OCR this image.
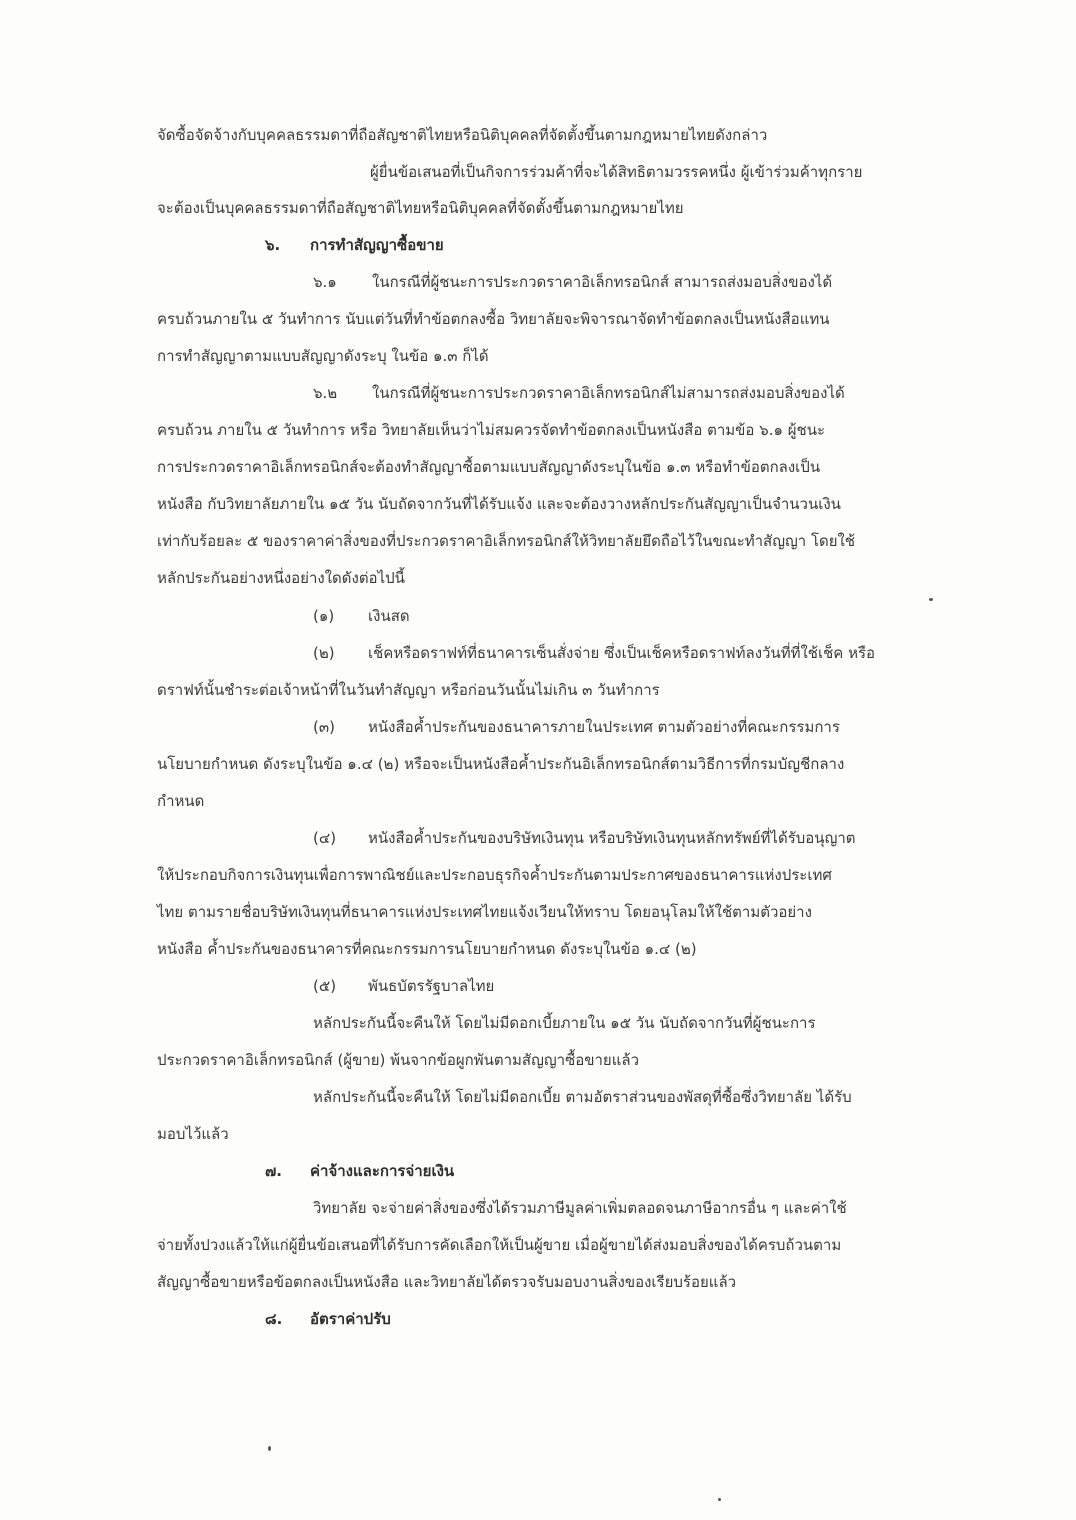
จัดซื้อจัดจ้างกับบุคคลธรรมดาที่ถือสัญชาติไทยหรือนิติบุคคลที่จัดตั้งขึ้นตามกฎหมายไทยดังกล่าว
ผู้ยื่นข้อเสนอที่เป็นกิจการร่วมค้าที่จะได้สิทธิตามวรรคหนึ่ง ผู้เข้าร่วมค้าทุกราย
จะต้องเป็นบุคคลธรรมดาที่ถือสัญชาติไทยหรือนิติบุคคลที่จัดตั้งขึ้นตามกฎหมายไทย
๖. การทำสัญญาซื้อขาย
๖.๑ ในกรณีที่ผู้ชนะการประกวดราคาอิเล็กทรอนิกส์ สามารถส่งมอบสิ่งของได้
ครบถ้วนภายใน ๕ วันทำการ นับแต่วันที่ทำข้อตกลงซื้อ วิทยาลัยจะพิจารณาจัดทำข้อตกลงเป็นหนังสือแทน
การทำสัญญาตามแบบสัญญาดังระบุ ในข้อ ๑.๓ ก็ได้
๖.๒ ในกรณีที่ผู้ชนะการประกวดราคาอิเล็กทรอนิกส์ไม่สามารถส่งมอบสิ่งของได้
ครบถ้วน ภายใน ๕ วันทำการ หรือ วิทยาลัยเห็นว่าไม่สมควรจัดทำข้อตกลงเป็นหนังสือ ตามข้อ ๖.๑ ผู้ชนะ
การประกวดราคาอิเล็กทรอนิกส์จะต้องทำสัญญาซื้อตามแบบสัญญาดังระบุในข้อ ๑.๓ หรือทำข้อตกลงเป็น
หนังสือ กับวิทยาลัยภายใน ๑๕ วัน นับถัดจากวันที่ได้รับแจ้ง และจะต้องวางหลักประกันสัญญาเป็นจำนวนเงิน
เท่ากับร้อยละ ๕ ของราคาค่าสิ่งของที่ประกวดราคาอิเล็กทรอนิกส์ให้วิทยาลัยยึดถือไว้ในขณะทำสัญญา โดยใช้
หลักประกันอย่างหนึ่งอย่างใดดังต่อไปนี้
(๑) เงินสด
(๒) เช็คหรือดราฟท์ที่ธนาคารเซ็นสั่งจ่าย ซึ่งเป็นเช็คหรือดราฟท์ลงวันที่ที่ใช้เช็ค หรือ
ดราฟท์นั้นชำระต่อเจ้าหน้าที่ในวันทำสัญญา หรือก่อนวันนั้นไม่เกิน ๓ วันทำการ
(๓) หนังสือค้ำประกันของธนาคารภายในประเทศ ตามตัวอย่างที่คณะกรรมการ
นโยบายกำหนด ดังระบุในข้อ ๑.๔ (๒) หรือจะเป็นหนังสือค้ำประกันอิเล็กทรอนิกส์ตามวิธีการที่กรมบัญชีกลาง
กำหนด
(๔) หนังสือค้ำประกันของบริษัทเงินทุน หรือบริษัทเงินทุนหลักทรัพย์ที่ได้รับอนุญาต
ให้ประกอบกิจการเงินทุนเพื่อการพาณิชย์และประกอบธุรกิจค้ำประกันตามประกาศของธนาคารแห่งประเทศ
ไทย ตามรายชื่อบริษัทเงินทุนที่ธนาคารแห่งประเทศไทยแจ้งเวียนให้ทราบ โดยอนุโลมให้ใช้ตามตัวอย่าง
หนังสือ ค้ำประกันของธนาคารที่คณะกรรมการนโยบายกำหนด ดังระบุในข้อ ๑.๔ (๒)
(๕) พันธบัตรรัฐบาลไทย
หลักประกันนี้จะคืนให้ โดยไม่มีดอกเบี้ยภายใน ๑๕ วัน นับถัดจากวันที่ผู้ชนะการ
ประกวดราคาอิเล็กทรอนิกส์ (ผู้ขาย) พ้นจากข้อผูกพันตามสัญญาซื้อขายแล้ว
หลักประกันนี้จะคืนให้ โดยไม่มีดอกเบี้ย ตามอัตราส่วนของพัสดุที่ซื้อซึ่งวิทยาลัย ได้รับ
มอบไว้แล้ว
๗. ค่าจ้างและการจ่ายเงิน
วิทยาลัย จะจ่ายค่าสิ่งของซึ่งได้รวมภาษีมูลค่าเพิ่มตลอดจนภาษีอากรอื่น ๆ และค่าใช้
จ่ายทั้งปวงแล้วให้แก่ผู้ยื่นข้อเสนอที่ได้รับการคัดเลือกให้เป็นผู้ขาย เมื่อผู้ขายได้ส่งมอบสิ่งของได้ครบถ้วนตาม
สัญญาซื้อขายหรือข้อตกลงเป็นหนังสือ และวิทยาลัยได้ตรวจรับมอบงานสิ่งของเรียบร้อยแล้ว
๘. อัตราค่าปรับ
